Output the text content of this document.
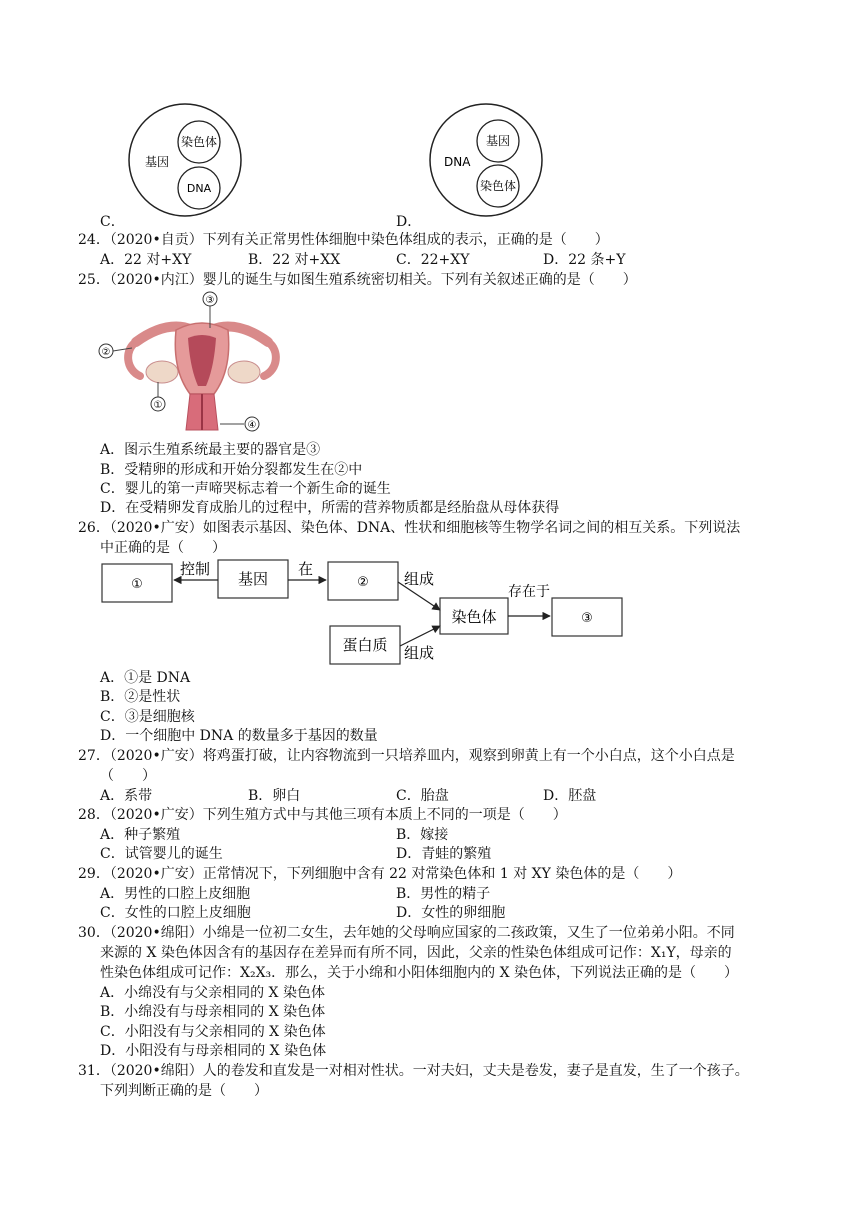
基因
染色体
DNA
DNA
基因
染色体
C．	D．
24．（2020•自贡）下列有关正常男性体细胞中染色体组成的表示，正确的是（　　）
A．22 对+XY	B．22 对+XX	C．22+XY	D．22 条+Y
25．（2020•内江）婴儿的诞生与如图生殖系统密切相关。下列有关叙述正确的是（　　）
③
②
①
④
A．图示生殖系统最主要的器官是③
B．受精卵的形成和开始分裂都发生在②中
C．婴儿的第一声啼哭标志着一个新生命的诞生
D．在受精卵发育成胎儿的过程中，所需的营养物质都是经胎盘从母体获得
26．（2020•广安）如图表示基因、染色体、DNA、性状和细胞核等生物学名词之间的相互关系。下列说法
中正确的是（　　）
①	基因	②
染色体	③
蛋白质
控制	在
组成
组成
存在于
A．①是 DNA
B．②是性状
C．③是细胞核
D．一个细胞中 DNA 的数量多于基因的数量
27．（2020•广安）将鸡蛋打破，让内容物流到一只培养皿内，观察到卵黄上有一个小白点，这个小白点是
（　　）
A．系带	B．卵白	C．胎盘	D．胚盘
28．（2020•广安）下列生殖方式中与其他三项有本质上不同的一项是（　　）
A．种子繁殖	B．嫁接
C．试管婴儿的诞生	D．青蛙的繁殖
29．（2020•广安）正常情况下，下列细胞中含有 22 对常染色体和 1 对 XY 染色体的是（　　）
A．男性的口腔上皮细胞	B．男性的精子
C．女性的口腔上皮细胞	D．女性的卵细胞
30．（2020•绵阳）小绵是一位初二女生，去年她的父母响应国家的二孩政策，又生了一位弟弟小阳。不同
来源的 X 染色体因含有的基因存在差异而有所不同，因此，父亲的性染色体组成可记作：X₁Y，母亲的
性染色体组成可记作：X₂X₃．那么，关于小绵和小阳体细胞内的 X 染色体，下列说法正确的是（　　）
A．小绵没有与父亲相同的 X 染色体
B．小绵没有与母亲相同的 X 染色体
C．小阳没有与父亲相同的 X 染色体
D．小阳没有与母亲相同的 X 染色体
31．（2020•绵阳）人的卷发和直发是一对相对性状。一对夫妇，丈夫是卷发，妻子是直发，生了一个孩子。
下列判断正确的是（　　）
